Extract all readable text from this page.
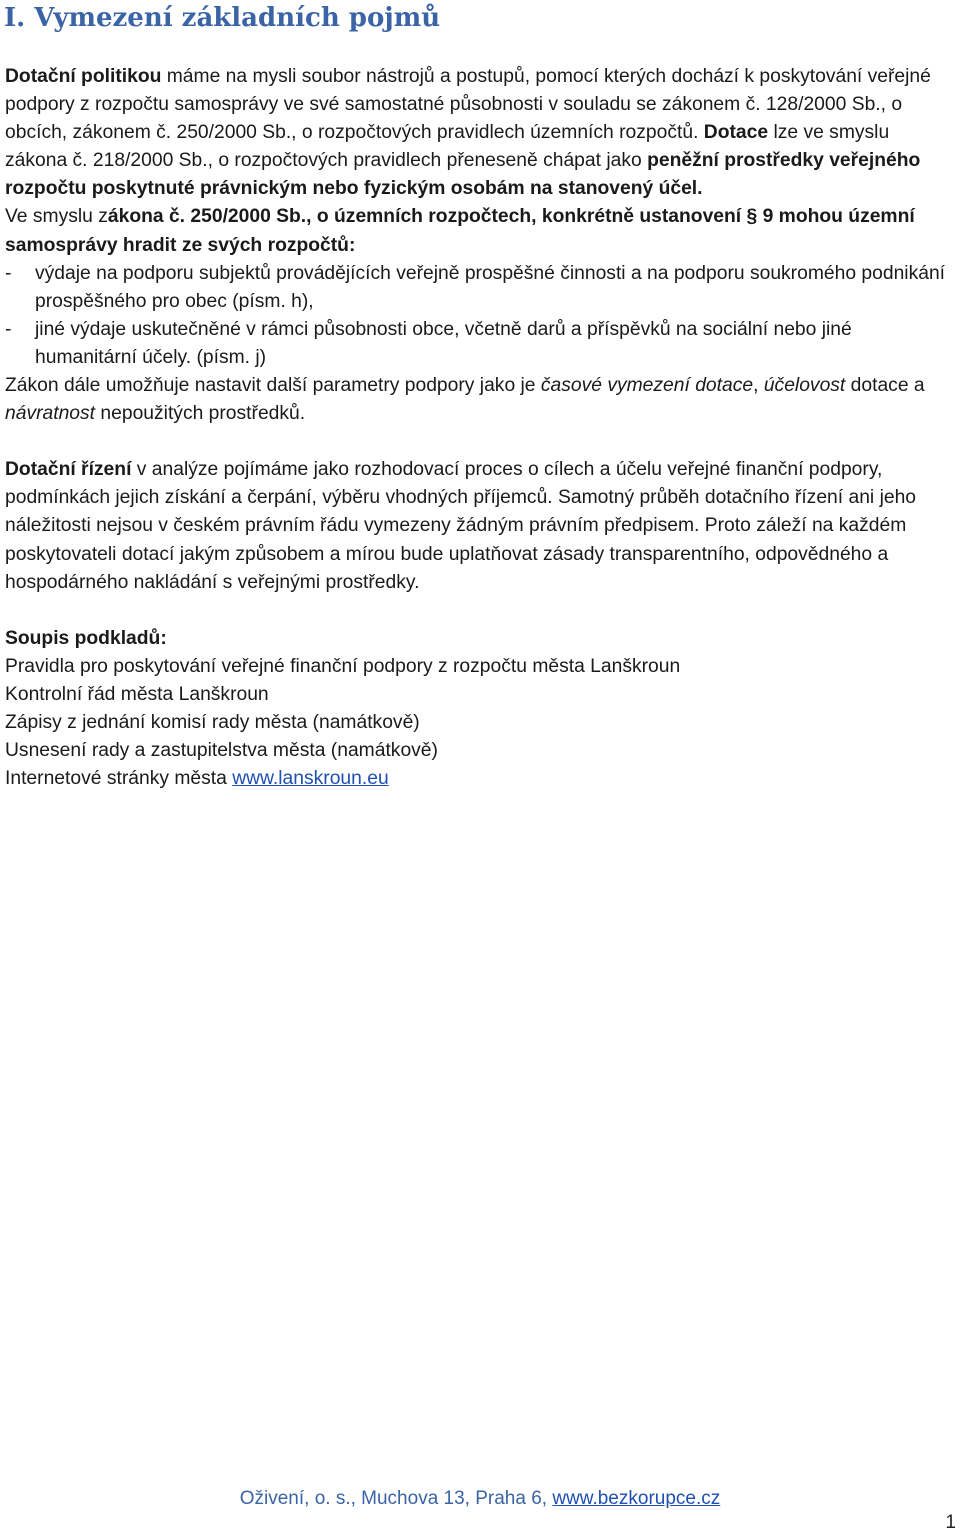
I. Vymezení základních pojmů

Dotační politikou máme na mysli soubor nástrojů a postupů, pomocí kterých dochází k poskytování veřejné podpory z rozpočtu samosprávy ve své samostatné působnosti v souladu se zákonem č. 128/2000 Sb., o obcích, zákonem č. 250/2000 Sb., o rozpočtových pravidlech územních rozpočtů. Dotace lze ve smyslu zákona č. 218/2000 Sb., o rozpočtových pravidlech přeneseně chápat jako peněžní prostředky veřejného rozpočtu poskytnuté právnickým nebo fyzickým osobám na stanovený účel.

Ve smyslu zákona č. 250/2000 Sb., o územních rozpočtech, konkrétně ustanovení § 9 mohou územní samosprávy hradit ze svých rozpočtů:

- výdaje na podporu subjektů provádějících veřejně prospěšné činnosti a na podporu soukromého podnikání prospěšného pro obec (písm. h),

- jiné výdaje uskutečněné v rámci působnosti obce, včetně darů a příspěvků na sociální nebo jiné humanitární účely. (písm. j)

Zákon dále umožňuje nastavit další parametry podpory jako je časové vymezení dotace, účelovost dotace a návratnost nepoužitých prostředků.

Dotační řízení v analýze pojímáme jako rozhodovací proces o cílech a účelu veřejné finanční podpory, podmínkách jejich získání a čerpání, výběru vhodných příjemců. Samotný průběh dotačního řízení ani jeho náležitosti nejsou v českém právním řádu vymezeny žádným právním předpisem. Proto záleží na každém poskytovateli dotací jakým způsobem a mírou bude uplatňovat zásady transparentního, odpovědného a hospodárného nakládání s veřejnými prostředky.

Soupis podkladů:

Pravidla pro poskytování veřejné finanční podpory z rozpočtu města Lanškroun

Kontrolní řád města Lanškroun

Zápisy z jednání komisí rady města (namátkově)

Usnesení rady a zastupitelstva města (namátkově)

Internetové stránky města www.lanskroun.eu

Oživení, o. s., Muchova 13, Praha 6, www.bezkorupce.cz
1
